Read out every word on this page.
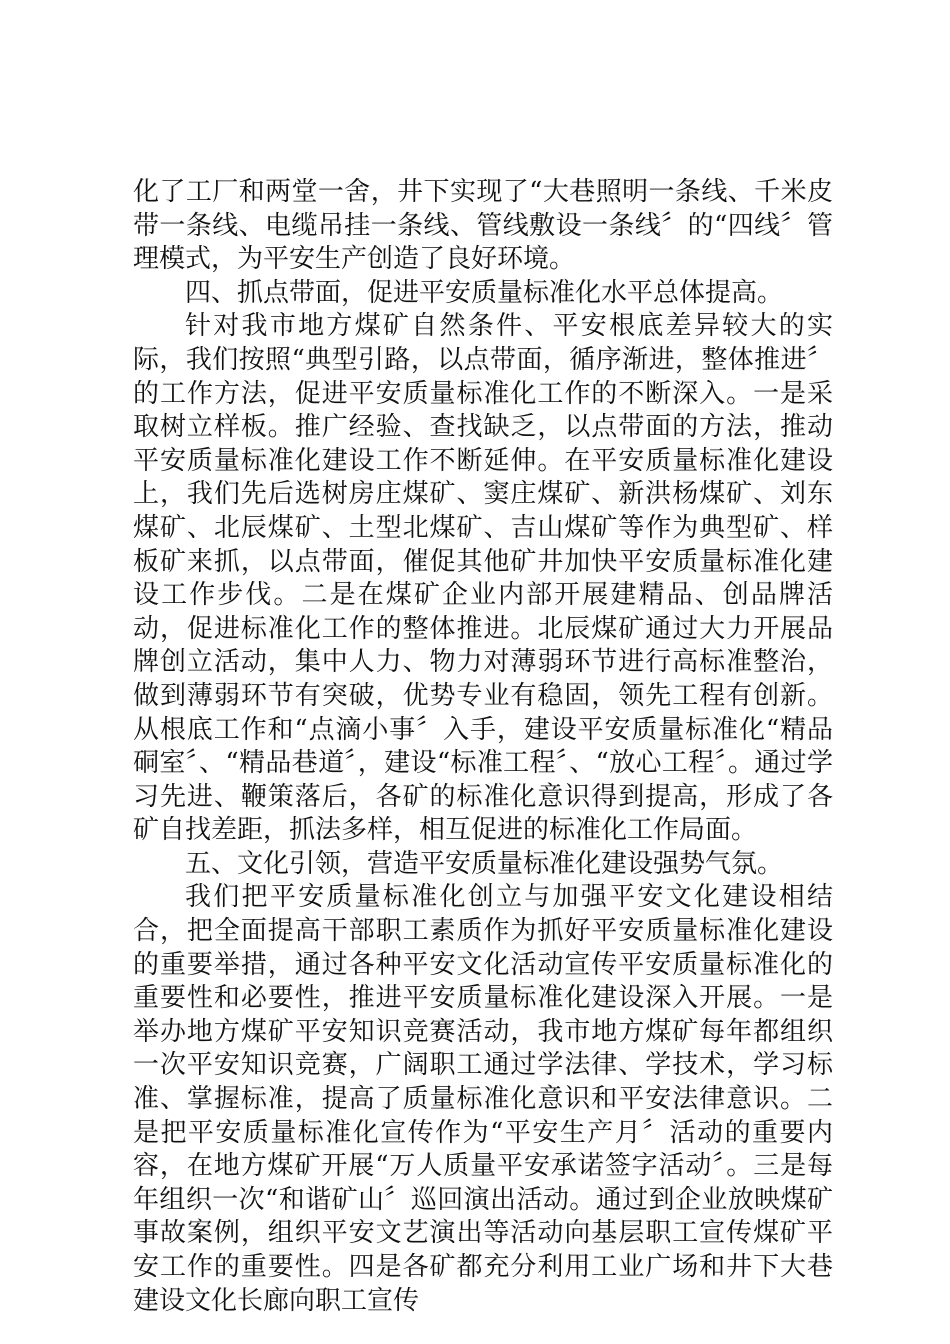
化了工厂和两堂一舍，井下实现了“大巷照明一条线、千米皮带一条线、电缆吊挂一条线、管线敷设一条线〞的“四线〞管理模式，为平安生产创造了良好环境。

四、抓点带面，促进平安质量标准化水平总体提高。

针对我市地方煤矿自然条件、平安根底差异较大的实际，我们按照“典型引路，以点带面，循序渐进，整体推进〞的工作方法，促进平安质量标准化工作的不断深入。一是采取树立样板。推广经验、查找缺乏，以点带面的方法，推动平安质量标准化建设工作不断延伸。在平安质量标准化建设上，我们先后选树房庄煤矿、窦庄煤矿、新洪杨煤矿、刘东煤矿、北辰煤矿、土型北煤矿、吉山煤矿等作为典型矿、样板矿来抓，以点带面，催促其他矿井加快平安质量标准化建设工作步伐。二是在煤矿企业内部开展建精品、创品牌活动，促进标准化工作的整体推进。北辰煤矿通过大力开展品牌创立活动，集中人力、物力对薄弱环节进行高标准整治，做到薄弱环节有突破，优势专业有稳固，领先工程有创新。从根底工作和“点滴小事〞入手，建设平安质量标准化“精品硐室〞、“精品巷道〞，建设“标准工程〞、“放心工程〞。通过学习先进、鞭策落后，各矿的标准化意识得到提高，形成了各矿自找差距，抓法多样，相互促进的标准化工作局面。

五、文化引领，营造平安质量标准化建设强势气氛。

我们把平安质量标准化创立与加强平安文化建设相结合，把全面提高干部职工素质作为抓好平安质量标准化建设的重要举措，通过各种平安文化活动宣传平安质量标准化的重要性和必要性，推进平安质量标准化建设深入开展。一是举办地方煤矿平安知识竞赛活动，我市地方煤矿每年都组织一次平安知识竞赛，广阔职工通过学法律、学技术，学习标准、掌握标准，提高了质量标准化意识和平安法律意识。二是把平安质量标准化宣传作为“平安生产月〞活动的重要内容，在地方煤矿开展“万人质量平安承诺签字活动〞。三是每年组织一次“和谐矿山〞巡回演出活动。通过到企业放映煤矿事故案例，组织平安文艺演出等活动向基层职工宣传煤矿平安工作的重要性。四是各矿都充分利用工业广场和井下大巷建设文化长廊向职工宣传
